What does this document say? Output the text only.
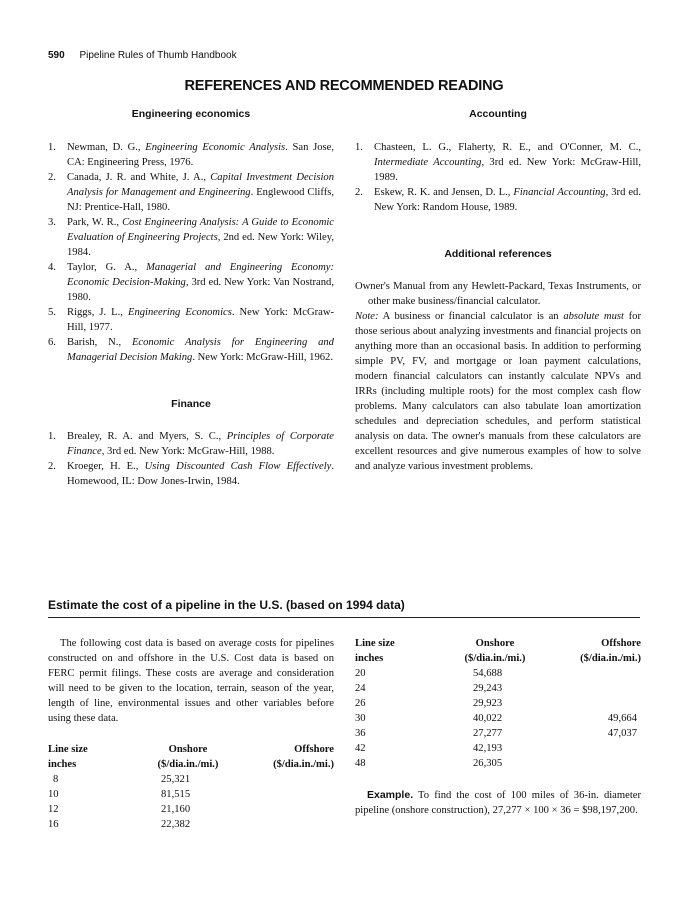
590 Pipeline Rules of Thumb Handbook
REFERENCES AND RECOMMENDED READING
Engineering economics
1. Newman, D. G., Engineering Economic Analysis. San Jose, CA: Engineering Press, 1976.
2. Canada, J. R. and White, J. A., Capital Investment Decision Analysis for Management and Engineering. Englewood Cliffs, NJ: Prentice-Hall, 1980.
3. Park, W. R., Cost Engineering Analysis: A Guide to Economic Evaluation of Engineering Projects, 2nd ed. New York: Wiley, 1984.
4. Taylor, G. A., Managerial and Engineering Economy: Economic Decision-Making, 3rd ed. New York: Van Nostrand, 1980.
5. Riggs, J. L., Engineering Economics. New York: McGraw-Hill, 1977.
6. Barish, N., Economic Analysis for Engineering and Managerial Decision Making. New York: McGraw-Hill, 1962.
Finance
1. Brealey, R. A. and Myers, S. C., Principles of Corporate Finance, 3rd ed. New York: McGraw-Hill, 1988.
2. Kroeger, H. E., Using Discounted Cash Flow Effectively. Homewood, IL: Dow Jones-Irwin, 1984.
Accounting
1. Chasteen, L. G., Flaherty, R. E., and O'Conner, M. C., Intermediate Accounting, 3rd ed. New York: McGraw-Hill, 1989.
2. Eskew, R. K. and Jensen, D. L., Financial Accounting, 3rd ed. New York: Random House, 1989.
Additional references
Owner's Manual from any Hewlett-Packard, Texas Instruments, or other make business/financial calculator.
Note: A business or financial calculator is an absolute must for those serious about analyzing investments and financial projects on anything more than an occasional basis. In addition to performing simple PV, FV, and mortgage or loan payment calculations, modern financial calculators can instantly calculate NPVs and IRRs (including multiple roots) for the most complex cash flow problems. Many calculators can also tabulate loan amortization schedules and depreciation schedules, and perform statistical analysis on data. The owner's manuals from these calculators are excellent resources and give numerous examples of how to solve and analyze various investment problems.
Estimate the cost of a pipeline in the U.S. (based on 1994 data)
The following cost data is based on average costs for pipelines constructed on and offshore in the U.S. Cost data is based on FERC permit filings. These costs are average and consideration will need to be given to the location, terrain, season of the year, length of line, environmental issues and other variables before using these data.
Line size	Onshore	Offshore
inches	($/dia.in./mi.)	($/dia.in./mi.)
8	25,321	
10	81,515	
12	21,160	
16	22,382	
Line size	Onshore	Offshore
inches	($/dia.in./mi.)	($/dia.in./mi.)
20	54,688	
24	29,243	
26	29,923	
30	40,022	49,664
36	27,277	47,037
42	42,193	
48	26,305	
Example. To find the cost of 100 miles of 36-in. diameter pipeline (onshore construction), 27,277 × 100 × 36 = $98,197,200.
